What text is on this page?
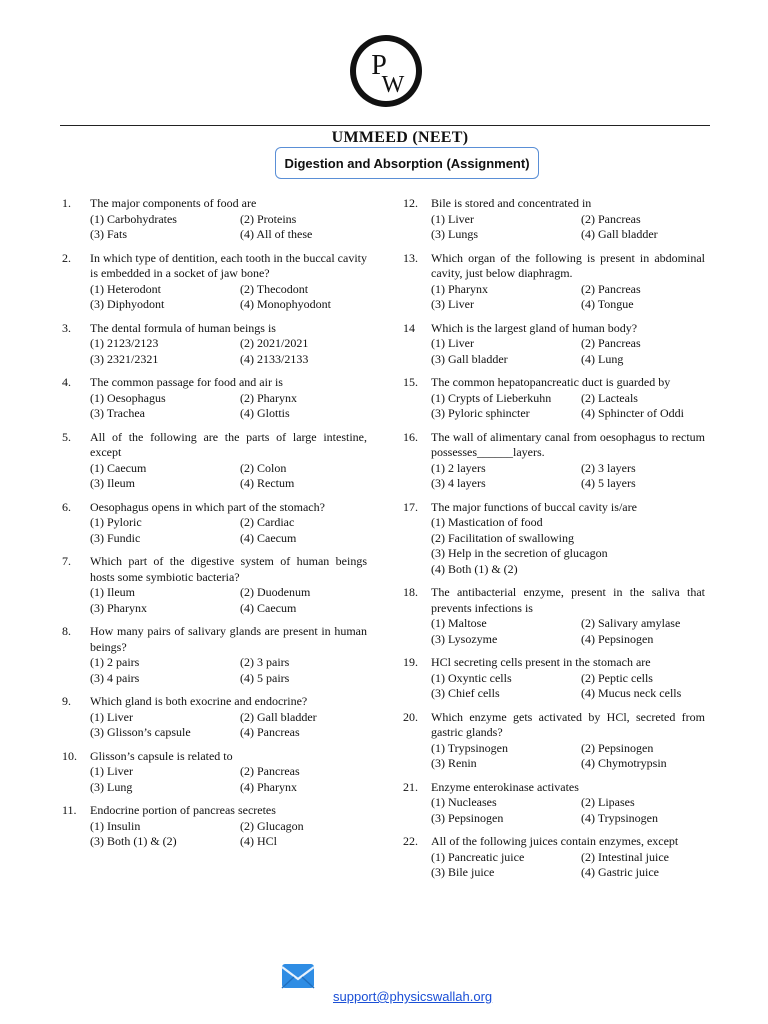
P
W
UMMEED (NEET)
Digestion and Absorption (Assignment)
1.	The major components of food are
(1) Carbohydrates	(2) Proteins
(3) Fats	(4) All of these
2.	In which type of dentition, each tooth in the buccal cavity is embedded in a socket of jaw bone?
(1) Heterodont	(2) Thecodont
(3) Diphyodont	(4) Monophyodont
3.	The dental formula of human beings is
(1) 2123/2123	(2) 2021/2021
(3) 2321/2321	(4) 2133/2133
4.	The common passage for food and air is
(1) Oesophagus	(2) Pharynx
(3) Trachea	(4) Glottis
5.	All of the following are the parts of large intestine, except
(1) Caecum	(2) Colon
(3) Ileum	(4) Rectum
6.	Oesophagus opens in which part of the stomach?
(1) Pyloric	(2) Cardiac
(3) Fundic	(4) Caecum
7.	Which part of the digestive system of human beings hosts some symbiotic bacteria?
(1) Ileum	(2) Duodenum
(3) Pharynx	(4) Caecum
8.	How many pairs of salivary glands are present in human beings?
(1) 2 pairs	(2) 3 pairs
(3) 4 pairs	(4) 5 pairs
9.	Which gland is both exocrine and endocrine?
(1) Liver	(2) Gall bladder
(3) Glisson’s capsule	(4) Pancreas
10.	Glisson’s capsule is related to
(1) Liver	(2) Pancreas
(3) Lung	(4) Pharynx
11.	Endocrine portion of pancreas secretes
(1) Insulin	(2) Glucagon
(3) Both (1) & (2)	(4) HCl
12.	Bile is stored and concentrated in
(1) Liver	(2) Pancreas
(3) Lungs	(4) Gall bladder
13.	Which organ of the following is present in abdominal cavity, just below diaphragm.
(1) Pharynx	(2) Pancreas
(3) Liver	(4) Tongue
14	Which is the largest gland of human body?
(1) Liver	(2) Pancreas
(3) Gall bladder	(4) Lung
15.	The common hepatopancreatic duct is guarded by
(1) Crypts of Lieberkuhn	(2) Lacteals
(3) Pyloric sphincter	(4) Sphincter of Oddi
16.	The wall of alimentary canal from oesophagus to rectum possesses______layers.
(1) 2 layers	(2) 3 layers
(3) 4 layers	(4) 5 layers
17.	The major functions of buccal cavity is/are
(1) Mastication of food
(2) Facilitation of swallowing
(3) Help in the secretion of glucagon
(4) Both (1) & (2)
18.	The antibacterial enzyme, present in the saliva that prevents infections is
(1) Maltose	(2) Salivary amylase
(3) Lysozyme	(4) Pepsinogen
19.	HCl secreting cells present in the stomach are
(1) Oxyntic cells	(2) Peptic cells
(3) Chief cells	(4) Mucus neck cells
20.	Which enzyme gets activated by HCl, secreted from gastric glands?
(1) Trypsinogen	(2) Pepsinogen
(3) Renin	(4) Chymotrypsin
21.	Enzyme enterokinase activates
(1) Nucleases	(2) Lipases
(3) Pepsinogen	(4) Trypsinogen
22.	All of the following juices contain enzymes, except
(1) Pancreatic juice	(2) Intestinal juice
(3) Bile juice	(4) Gastric juice
support@physicswallah.org
